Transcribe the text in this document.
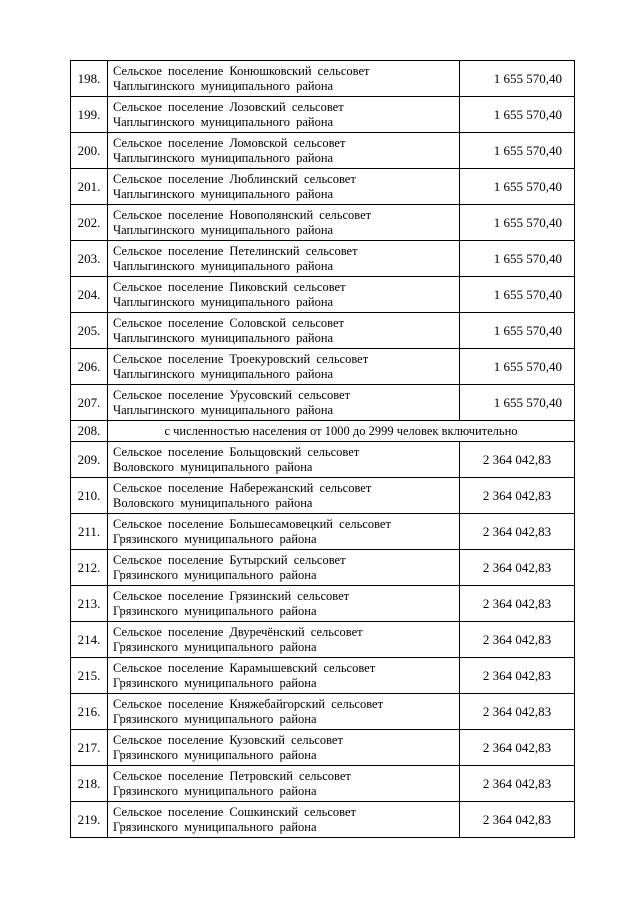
198.	Сельское поселение Конюшковский сельсовет
Чаплыгинского муниципального района	1 655 570,40
199.	Сельское поселение Лозовский сельсовет
Чаплыгинского муниципального района	1 655 570,40
200.	Сельское поселение Ломовской сельсовет
Чаплыгинского муниципального района	1 655 570,40
201.	Сельское поселение Люблинский сельсовет
Чаплыгинского муниципального района	1 655 570,40
202.	Сельское поселение Новополянский сельсовет
Чаплыгинского муниципального района	1 655 570,40
203.	Сельское поселение Петелинский сельсовет
Чаплыгинского муниципального района	1 655 570,40
204.	Сельское поселение Пиковский сельсовет
Чаплыгинского муниципального района	1 655 570,40
205.	Сельское поселение Соловской сельсовет
Чаплыгинского муниципального района	1 655 570,40
206.	Сельское поселение Троекуровский сельсовет
Чаплыгинского муниципального района	1 655 570,40
207.	Сельское поселение Урусовский сельсовет
Чаплыгинского муниципального района	1 655 570,40
208.	с численностью населения от 1000 до 2999 человек включительно	
209.	Сельское поселение Больщовский сельсовет
Воловского муниципального района	2 364 042,83
210.	Сельское поселение Набережанский сельсовет
Воловского муниципального района	2 364 042,83
211.	Сельское поселение Большесамовецкий сельсовет
Грязинского муниципального района	2 364 042,83
212.	Сельское поселение Бутырский сельсовет
Грязинского муниципального района	2 364 042,83
213.	Сельское поселение Грязинский сельсовет
Грязинского муниципального района	2 364 042,83
214.	Сельское поселение Двуречёнский сельсовет
Грязинского муниципального района	2 364 042,83
215.	Сельское поселение Карамышевский сельсовет
Грязинского муниципального района	2 364 042,83
216.	Сельское поселение Княжебайгорский сельсовет
Грязинского муниципального района	2 364 042,83
217.	Сельское поселение Кузовский сельсовет
Грязинского муниципального района	2 364 042,83
218.	Сельское поселение Петровский сельсовет
Грязинского муниципального района	2 364 042,83
219.	Сельское поселение Сошкинский сельсовет
Грязинского муниципального района	2 364 042,83
